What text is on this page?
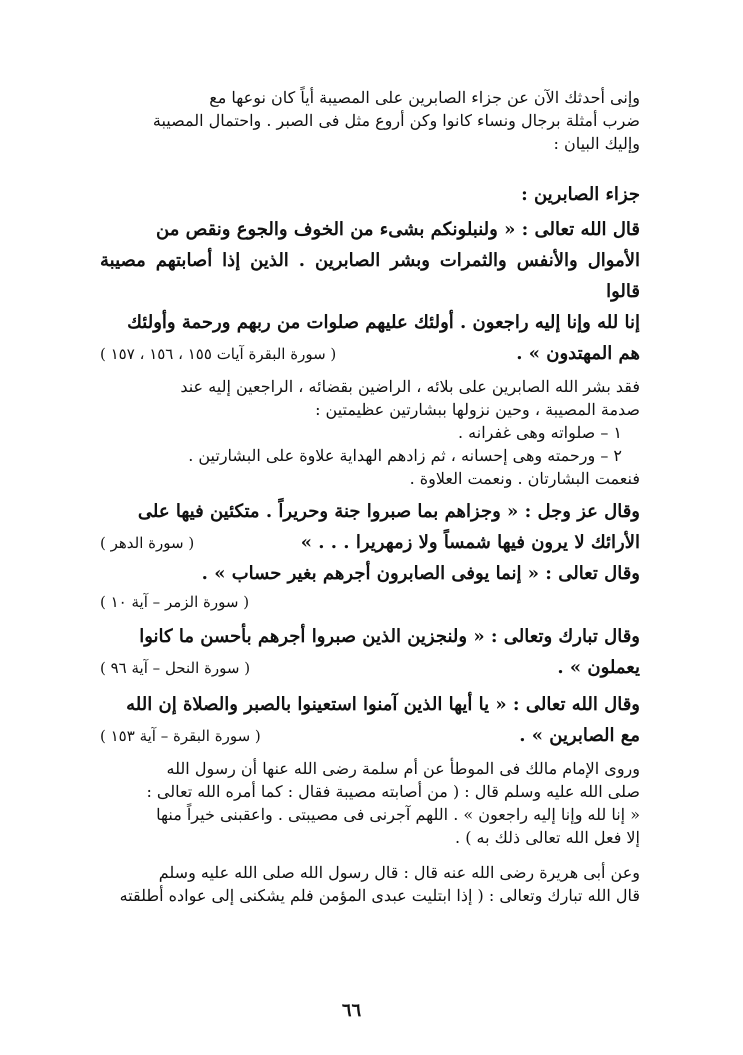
وإنى أحدثك الآن عن جزاء الصابرين على المصيبة أياً كان نوعها مع

ضرب أمثلة برجال ونساء كانوا وكن أروع مثل فى الصبر . واحتمال المصيبة

وإليك البيان :

جزاء الصابرين :

قال الله تعالى : « ولنبلونكم بشىء من الخوف والجوع ونقص من

الأموال والأنفس والثمرات وبشر الصابرين . الذين إذا أصابتهم مصيبة قالوا

إنا لله وإنا إليه راجعون . أولئك عليهم صلوات من ربهم ورحمة وأولئك

هم المهتدون » .
( سورة البقرة آيات ١٥٥ ، ١٥٦ ، ١٥٧ )

فقد بشر الله الصابرين على بلائه ، الراضين بقضائه ، الراجعين إليه عند

صدمة المصيبة ، وحين نزولها ببشارتين عظيمتين :

١ – صلواته وهى غفرانه .

٢ – ورحمته وهى إحسانه ، ثم زادهم الهداية علاوة على البشارتين .

فنعمت البشارتان . ونعمت العلاوة .

وقال عز وجل : « وجزاهم بما صبروا جنة وحريراً . متكئين فيها على

الأرائك لا يرون فيها شمساً ولا زمهريرا . . . »
( سورة الدهر )

وقال تعالى : « إنما يوفى الصابرون أجرهم بغير حساب » .

( سورة الزمر – آية ١٠ )

وقال تبارك وتعالى : « ولنجزين الذين صبروا أجرهم بأحسن ما كانوا

يعملون » .
( سورة النحل – آية ٩٦ )

وقال الله تعالى : « يا أيها الذين آمنوا استعينوا بالصبر والصلاة إن الله

مع الصابرين » .
( سورة البقرة – آية ١٥٣ )

وروى الإمام مالك فى الموطأ عن أم سلمة رضى الله عنها أن رسول الله

صلى الله عليه وسلم قال : ( من أصابته مصيبة فقال : كما أمره الله تعالى :

« إنا لله وإنا إليه راجعون » . اللهم آجرنى فى مصيبتى . واعقبنى خيراً منها

إلا فعل الله تعالى ذلك به ) .

وعن أبى هريرة رضى الله عنه قال : قال رسول الله صلى الله عليه وسلم

قال الله تبارك وتعالى : ( إذا ابتليت عبدى المؤمن فلم يشكنى إلى عواده أطلقته

٦٦
